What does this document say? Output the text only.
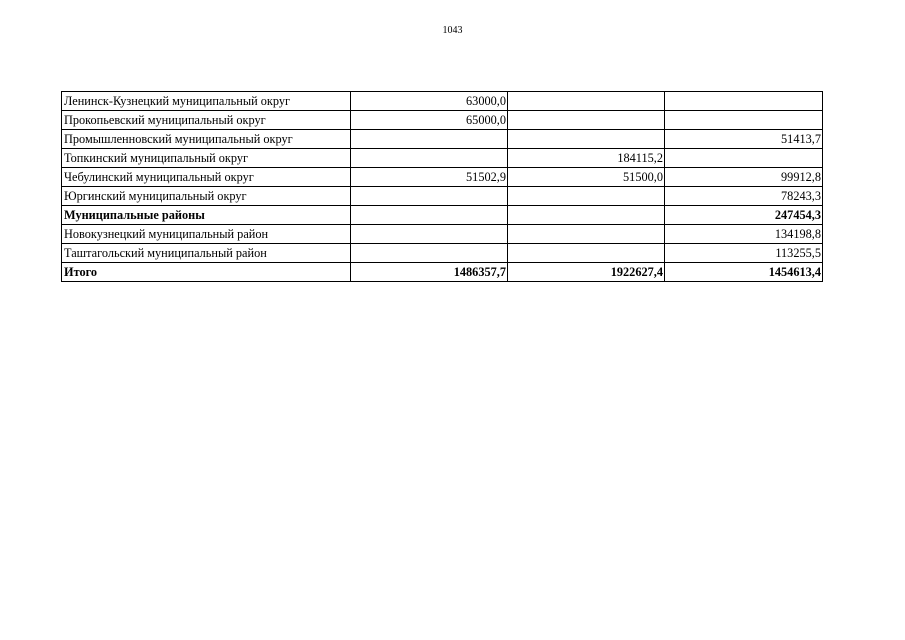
1043
Ленинск-Кузнецкий муниципальный округ	63000,0		
Прокопьевский муниципальный округ	65000,0		
Промышленновский муниципальный округ			51413,7
Топкинский муниципальный округ		184115,2	
Чебулинский муниципальный округ	51502,9	51500,0	99912,8
Юргинский муниципальный округ			78243,3
Муниципальные районы			247454,3
Новокузнецкий муниципальный район			134198,8
Таштагольский муниципальный район			113255,5
Итого	1486357,7	1922627,4	1454613,4
